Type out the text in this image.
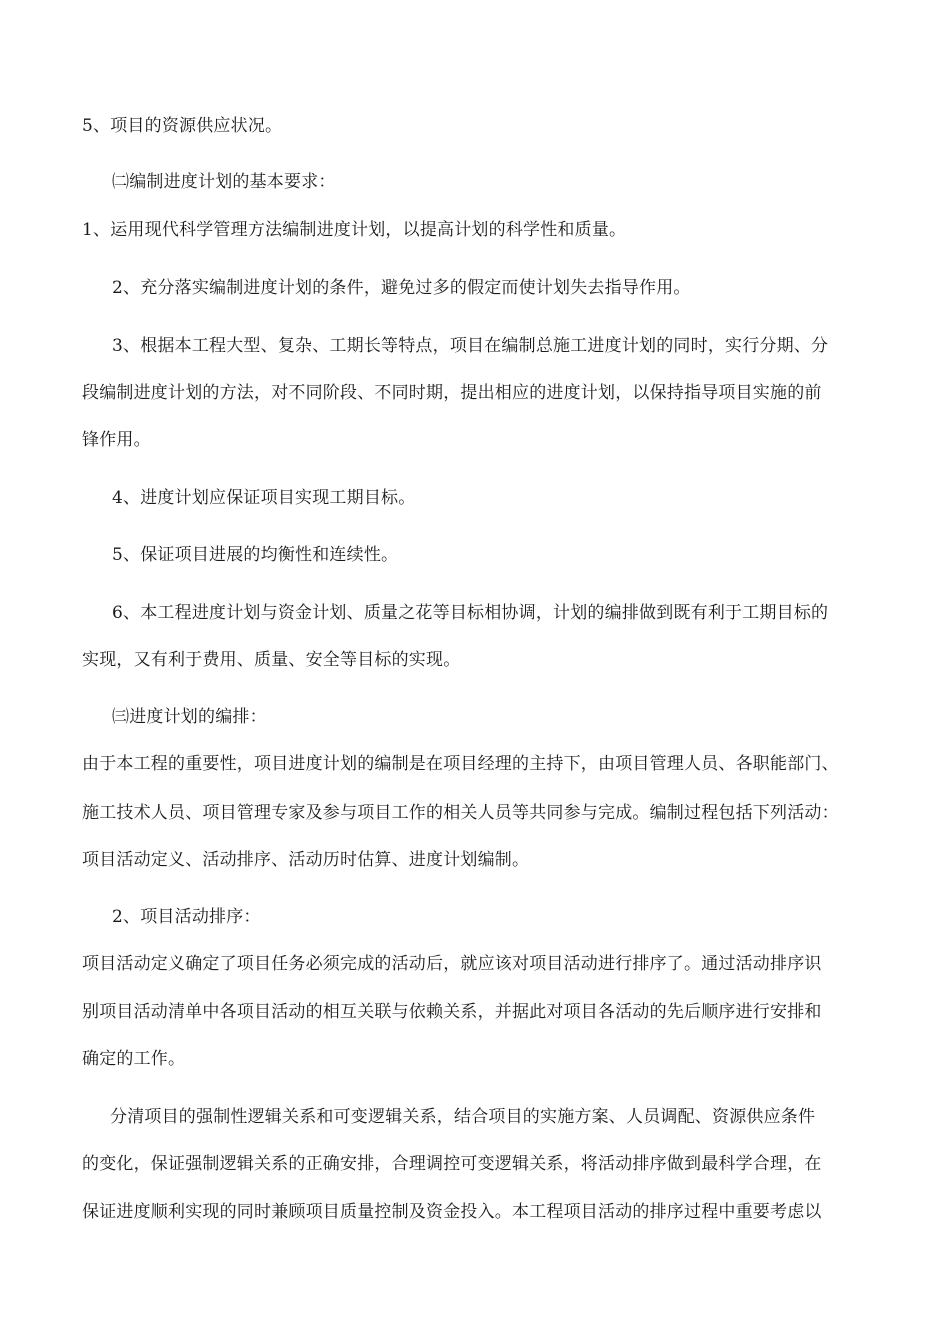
5、项目的资源供应状况。
㈡编制进度计划的基本要求：
1、运用现代科学管理方法编制进度计划，以提高计划的科学性和质量。
2、充分落实编制进度计划的条件，避免过多的假定而使计划失去指导作用。
3、根据本工程大型、复杂、工期长等特点，项目在编制总施工进度计划的同时，实行分期、分
段编制进度计划的方法，对不同阶段、不同时期，提出相应的进度计划，以保持指导项目实施的前
锋作用。
4、进度计划应保证项目实现工期目标。
5、保证项目进展的均衡性和连续性。
6、本工程进度计划与资金计划、质量之花等目标相协调，计划的编排做到既有利于工期目标的
实现，又有利于费用、质量、安全等目标的实现。
㈢进度计划的编排：
由于本工程的重要性，项目进度计划的编制是在项目经理的主持下，由项目管理人员、各职能部门、
施工技术人员、项目管理专家及参与项目工作的相关人员等共同参与完成。编制过程包括下列活动：
项目活动定义、活动排序、活动历时估算、进度计划编制。
2、项目活动排序：
项目活动定义确定了项目任务必须完成的活动后，就应该对项目活动进行排序了。通过活动排序识
别项目活动清单中各项目活动的相互关联与依赖关系，并据此对项目各活动的先后顺序进行安排和
确定的工作。
分清项目的强制性逻辑关系和可变逻辑关系，结合项目的实施方案、人员调配、资源供应条件
的变化，保证强制逻辑关系的正确安排，合理调控可变逻辑关系，将活动排序做到最科学合理，在
保证进度顺利实现的同时兼顾项目质量控制及资金投入。本工程项目活动的排序过程中重要考虑以
